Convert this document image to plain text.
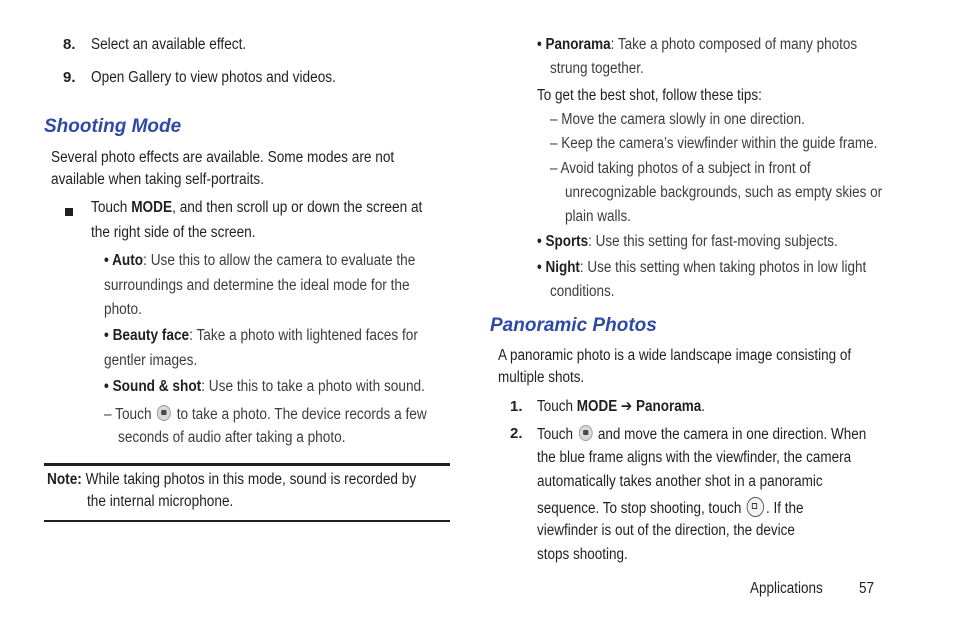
8. Select an available effect.
9. Open Gallery to view photos and videos.
Shooting Mode
Several photo effects are available. Some modes are not
available when taking self-portraits.
Touch MODE, and then scroll up or down the screen at
the right side of the screen.
• Auto: Use this to allow the camera to evaluate the
surroundings and determine the ideal mode for the
photo.
• Beauty face: Take a photo with lightened faces for
gentler images.
• Sound & shot: Use this to take a photo with sound.
– Touch  to take a photo. The device records a few
seconds of audio after taking a photo.
Note: While taking photos in this mode, sound is recorded by
the internal microphone.
• Panorama: Take a photo composed of many photos
strung together.
To get the best shot, follow these tips:
– Move the camera slowly in one direction.
– Keep the camera’s viewfinder within the guide frame.
– Avoid taking photos of a subject in front of
unrecognizable backgrounds, such as empty skies or
plain walls.
• Sports: Use this setting for fast-moving subjects.
• Night: Use this setting when taking photos in low light
conditions.
Panoramic Photos
A panoramic photo is a wide landscape image consisting of
multiple shots.
1. Touch MODE ➔ Panorama.
2. Touch  and move the camera in one direction. When
the blue frame aligns with the viewfinder, the camera
automatically takes another shot in a panoramic
sequence. To stop shooting, touch . If the
viewfinder is out of the direction, the device
stops shooting.
Applications 57
